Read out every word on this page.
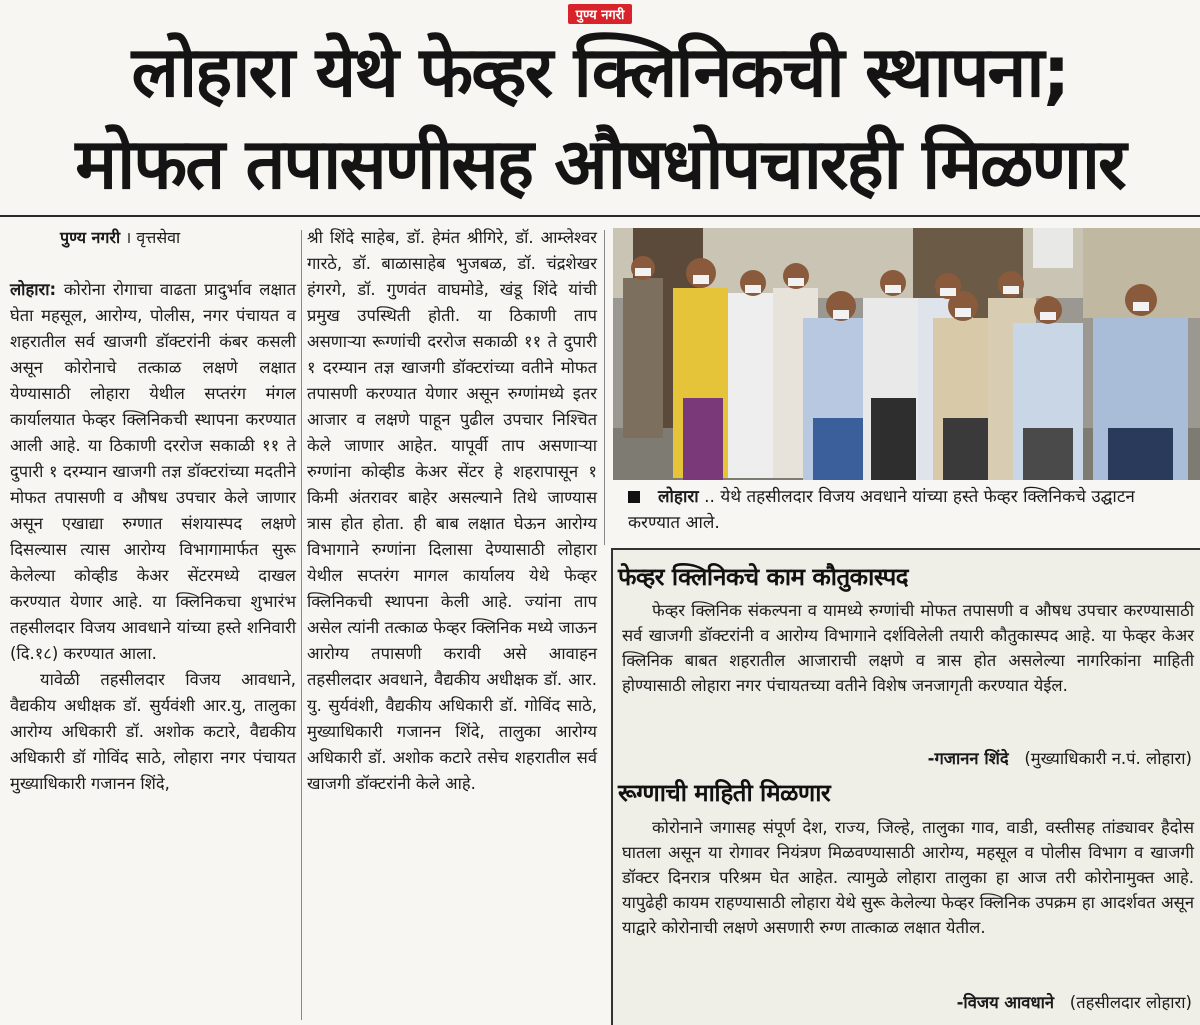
पुण्य नगरी
लोहारा येथे फेव्हर क्लिनिकची स्थापना;
मोफत तपासणीसह औषधोपचारही मिळणार
पुण्य नगरी । वृत्तसेवा

लोहारा: कोरोना रोगाचा वाढता प्रादुर्भाव लक्षात घेता महसूल, आरोग्य, पोलीस, नगर पंचायत व शहरातील सर्व खाजगी डॉक्टरांनी कंबर कसली असून कोरोनाचे तत्काळ लक्षणे लक्षात येण्यासाठी लोहारा येथील सप्तरंग मंगल कार्यालयात फेव्हर क्लिनिकची स्थापना करण्यात आली आहे. या ठिकाणी दररोज सकाळी ११ ते दुपारी १ दरम्यान खाजगी तज्ञ डॉक्टरांच्या मदतीने मोफत तपासणी व औषध उपचार केले जाणार असून एखाद्या रुग्णात संशयास्पद लक्षणे दिसल्यास त्यास आरोग्य विभागामार्फत सुरू केलेल्या कोव्हीड केअर सेंटरमध्ये दाखल करण्यात येणार आहे. या क्लिनिकचा शुभारंभ तहसीलदार विजय आवधाने यांच्या हस्ते शनिवारी (दि.१८) करण्यात आला.

यावेळी तहसीलदार विजय आवधाने, वैद्यकीय अधीक्षक डॉ. सुर्यवंशी आर.यु, तालुका आरोग्य अधिकारी डॉ. अशोक कटारे, वैद्यकीय अधिकारी डॉ गोविंद साठे, लोहारा नगर पंचायत मुख्याधिकारी गजानन शिंदे,

श्री शिंदे साहेब, डॉ. हेमंत श्रीगिरे, डॉ. आम्लेश्वर गारठे, डॉ. बाळासाहेब भुजबळ, डॉ. चंद्रशेखर हंगरगे, डॉ. गुणवंत वाघमोडे, खंडू शिंदे यांची प्रमुख उपस्थिती होती. या ठिकाणी ताप असणाऱ्या रूग्णांची दररोज सकाळी ११ ते दुपारी १ दरम्यान तज्ञ खाजगी डॉक्टरांच्या वतीने मोफत तपासणी करण्यात येणार असून रुग्णांमध्ये इतर आजार व लक्षणे पाहून पुढील उपचार निश्चित केले जाणार आहेत. यापूर्वी ताप असणाऱ्या रुग्णांना कोव्हीड केअर सेंटर हे शहरापासून १ किमी अंतरावर बाहेर असल्याने तिथे जाण्यास त्रास होत होता. ही बाब लक्षात घेऊन आरोग्य विभागाने रुग्णांना दिलासा देण्यासाठी लोहारा येथील सप्तरंग मागल कार्यालय येथे फेव्हर क्लिनिकची स्थापना केली आहे. ज्यांना ताप असेल त्यांनी तत्काळ फेव्हर क्लिनिक मध्ये जाऊन आरोग्य तपासणी करावी असे आवाहन तहसीलदार अवधाने, वैद्यकीय अधीक्षक डॉ. आर. यु. सुर्यवंशी, वैद्यकीय अधिकारी डॉ. गोविंद साठे, मुख्याधिकारी गजानन शिंदे, तालुका आरोग्य अधिकारी डॉ. अशोक कटारे तसेच शहरातील सर्व खाजगी डॉक्टरांनी केले आहे.

लोहारा .. येथे तहसीलदार विजय अवधाने यांच्या हस्ते फेव्हर क्लिनिकचे उद्घाटन करण्यात आले.
फेव्हर क्लिनिकचे काम कौतुकास्पद
फेव्हर क्लिनिक संकल्पना व यामध्ये रुग्णांची मोफत तपासणी व औषध उपचार करण्यासाठी सर्व खाजगी डॉक्टरांनी व आरोग्य विभागाने दर्शविलेली तयारी कौतुकास्पद आहे. या फेव्हर केअर क्लिनिक बाबत शहरातील आजाराची लक्षणे व त्रास होत असलेल्या नागरिकांना माहिती होण्यासाठी लोहारा नगर पंचायतच्या वतीने विशेष जनजागृती करण्यात येईल.
-गजानन शिंदे (मुख्याधिकारी न.पं. लोहारा)
रूग्णाची माहिती मिळणार
कोरोनाने जगासह संपूर्ण देश, राज्य, जिल्हे, तालुका गाव, वाडी, वस्तीसह तांड्यावर हैदोस घातला असून या रोगावर नियंत्रण मिळवण्यासाठी आरोग्य, महसूल व पोलीस विभाग व खाजगी डॉक्टर दिनरात्र परिश्रम घेत आहेत. त्यामुळे लोहारा तालुका हा आज तरी कोरोनामुक्त आहे. यापुढेही कायम राहण्यासाठी लोहारा येथे सुरू केलेल्या फेव्हर क्लिनिक उपक्रम हा आदर्शवत असून याद्वारे कोरोनाची लक्षणे असणारी रुग्ण तात्काळ लक्षात येतील.
-विजय आवधाने (तहसीलदार लोहारा)
